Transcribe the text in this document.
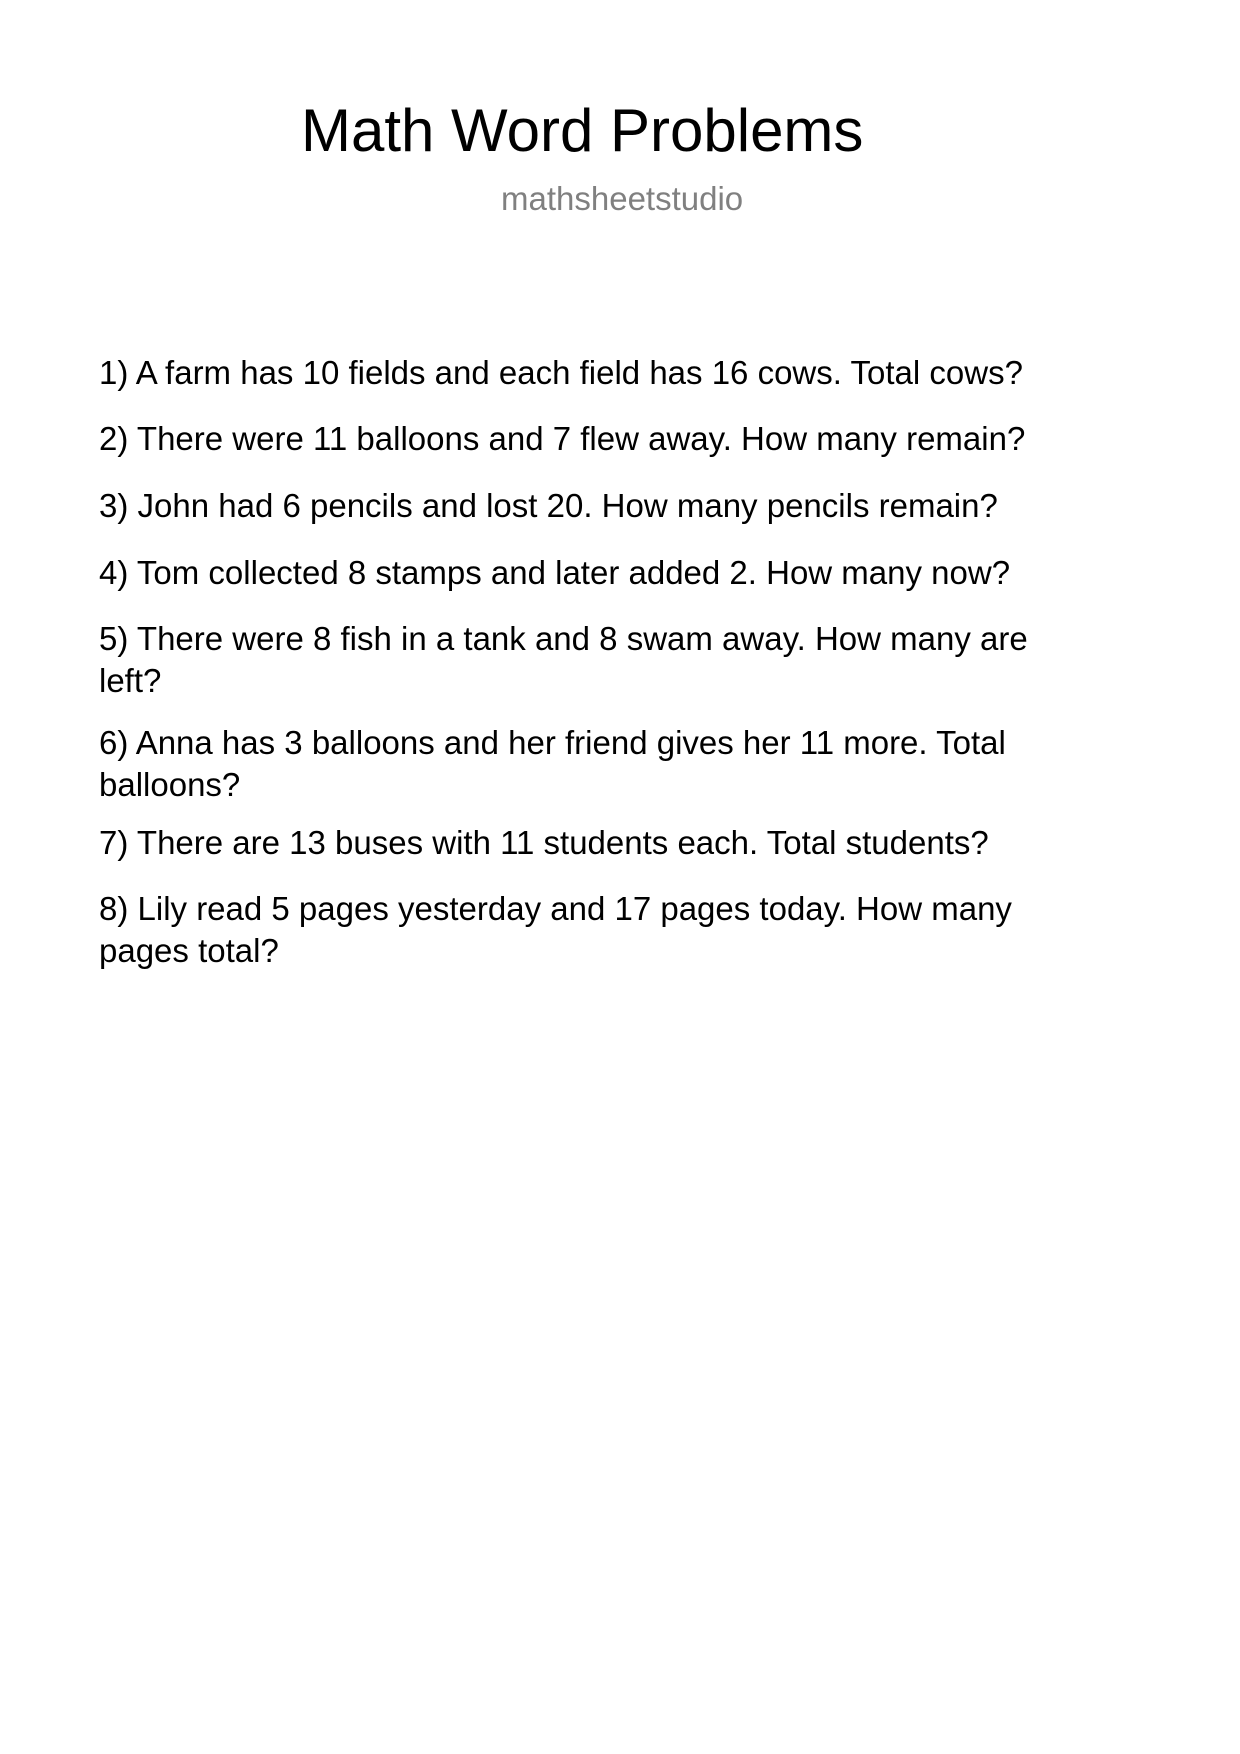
Math Word Problems
mathsheetstudio
1) A farm has 10 fields and each field has 16 cows. Total cows?
2) There were 11 balloons and 7 flew away. How many remain?
3) John had 6 pencils and lost 20. How many pencils remain?
4) Tom collected 8 stamps and later added 2. How many now?
5) There were 8 fish in a tank and 8 swam away. How many are
left?
6) Anna has 3 balloons and her friend gives her 11 more. Total
balloons?
7) There are 13 buses with 11 students each. Total students?
8) Lily read 5 pages yesterday and 17 pages today. How many
pages total?
